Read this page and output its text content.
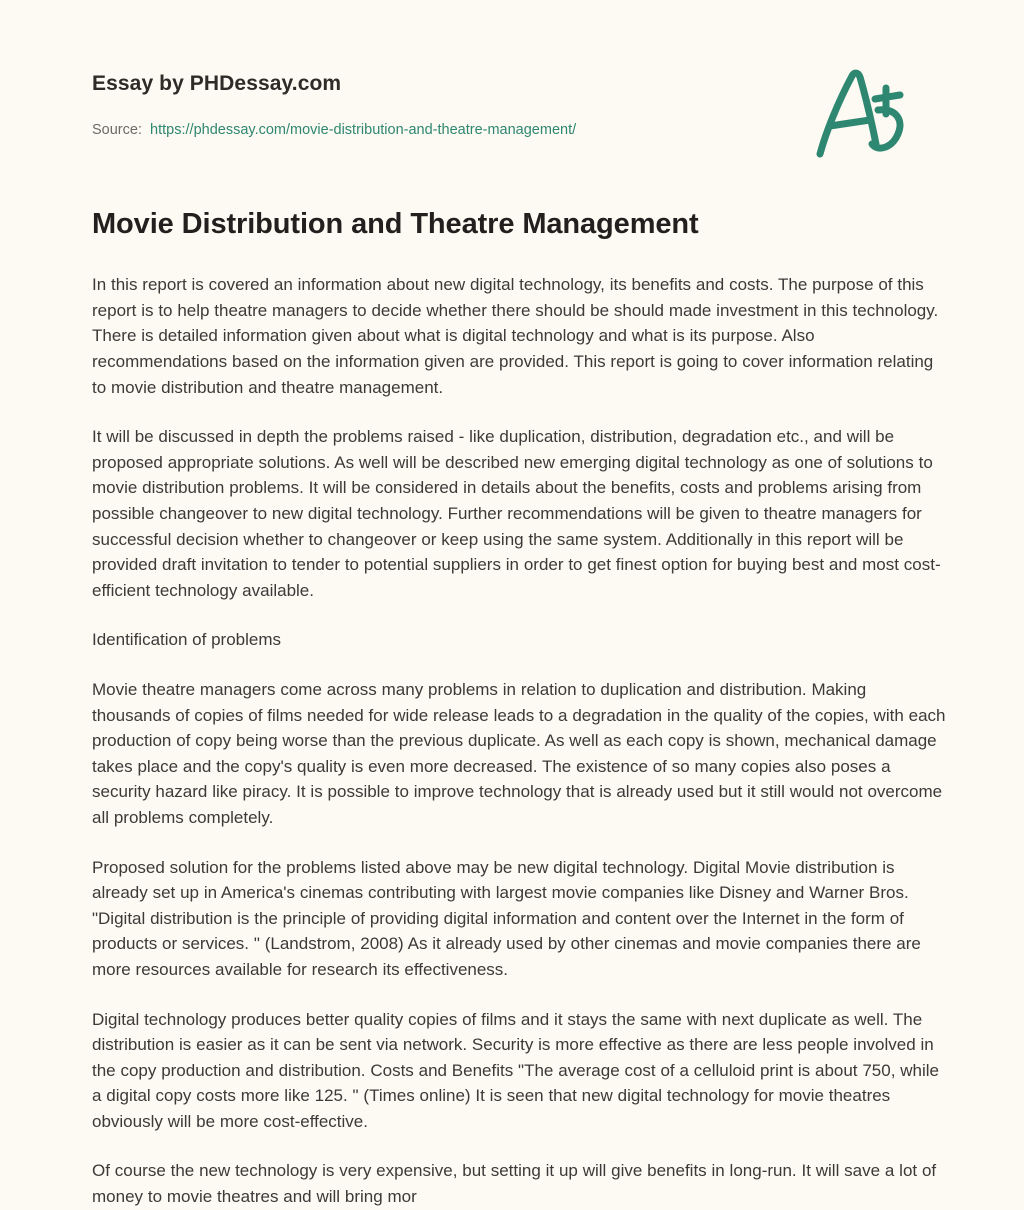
Essay by PHDessay.com
Source: https://phdessay.com/movie-distribution-and-theatre-management/
Movie Distribution and Theatre Management

In this report is covered an information about new digital technology, its benefits and costs. The purpose of this report is to help theatre managers to decide whether there should be should made investment in this technology. There is detailed information given about what is digital technology and what is its purpose. Also recommendations based on the information given are provided. This report is going to cover information relating to movie distribution and theatre management.

It will be discussed in depth the problems raised - like duplication, distribution, degradation etc., and will be proposed appropriate solutions. As well will be described new emerging digital technology as one of solutions to movie distribution problems. It will be considered in details about the benefits, costs and problems arising from possible changeover to new digital technology. Further recommendations will be given to theatre managers for successful decision whether to changeover or keep using the same system. Additionally in this report will be provided draft invitation to tender to potential suppliers in order to get finest option for buying best and most cost-efficient technology available.

Identification of problems

Movie theatre managers come across many problems in relation to duplication and distribution. Making thousands of copies of films needed for wide release leads to a degradation in the quality of the copies, with each production of copy being worse than the previous duplicate. As well as each copy is shown, mechanical damage takes place and the copy's quality is even more decreased. The existence of so many copies also poses a security hazard like piracy. It is possible to improve technology that is already used but it still would not overcome all problems completely.

Proposed solution for the problems listed above may be new digital technology. Digital Movie distribution is already set up in America's cinemas contributing with largest movie companies like Disney and Warner Bros. "Digital distribution is the principle of providing digital information and content over the Internet in the form of products or services. " (Landstrom, 2008) As it already used by other cinemas and movie companies there are more resources available for research its effectiveness.

Digital technology produces better quality copies of films and it stays the same with next duplicate as well. The distribution is easier as it can be sent via network. Security is more effective as there are less people involved in the copy production and distribution. Costs and Benefits "The average cost of a celluloid print is about 750, while a digital copy costs more like 125. " (Times online) It is seen that new digital technology for movie theatres obviously will be more cost-effective.

Of course the new technology is very expensive, but setting it up will give benefits in long-run. It will save a lot of money to movie theatres and will bring mor
